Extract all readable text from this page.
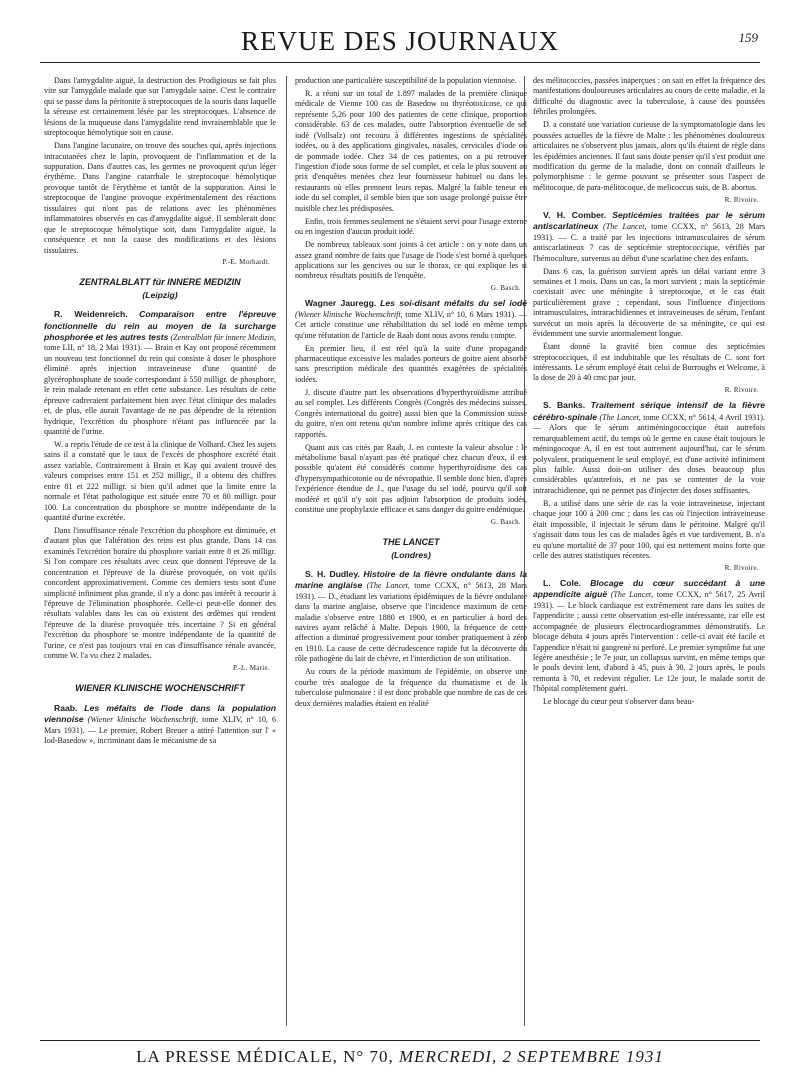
REVUE DES JOURNAUX	159

Dans l'amygdalite aiguë, la destruction des Prodigiosus se fait plus vite sur l'amygdale malade que sur l'amygdale saine. C'est le contraire qui se passe dans la péritonite à streptocoques de la souris dans laquelle la séreuse est certainement lésée par les streptocoques. L'absence de lésions de la muqueuse dans l'amygdalite rend invraisemblable que le streptocoque hémolytique soit en cause.

Dans l'angine lacunaire, on trouve des souches qui, après injections intracutanées chez le lapin, provoquent de l'inflammation et de la suppuration. Dans d'autres cas, les germes ne provoquent qu'un léger érythème. Dans l'angine catarrhale le streptocoque hémolytique provoque tantôt de l'érythème et tantôt de la suppuration. Ainsi le streptocoque de l'angine provoque expérimentalement des réactions tissulaires qui n'ont pas de relations avec les phénomènes inflammatoires observés en cas d'amygdalite aiguë. Il semblerait donc que le streptocoque hémolytique soit, dans l'amygdalite aiguë, la conséquence et non la cause des modifications et des lésions tissulaires.

P.-E. Morhardt.
ZENTRALBLATT für INNERE MEDIZIN
(Leipzig)

R. Weidenreich. Comparaison entre l'épreuve fonctionnelle du rein au moyen de la surcharge phosphorée et les autres tests (Zentralblatt für innere Medizin, tome LII, n° 18, 2 Mai 1931). — Brain et Kay ont proposé récemment un nouveau test fonctionnel du rein qui consiste à doser le phosphore éliminé après injection intraveineuse d'une quantité de glycérophosphate de soude correspondant à 550 milligr. de phosphore, le rein malade retenant en effet cette substance. Les résultats de cette épreuve cadreraient parfaitement bien avec l'état clinique des malades et, de plus, elle aurait l'avantage de ne pas dépendre de la rétention hydrique, l'excrétion du phosphore n'étant pas influencée par la quantité de l'urine.

W. a repris l'étude de ce test à la clinique de Volhard. Chez les sujets sains il a constaté que le taux de l'excès de phosphore excrété était assez variable. Contrairement à Brain et Kay qui avaient trouvé des valeurs comprises entre 151 et 252 milligr., il a obtenu des chiffres entre 81 et 222 milligr. si bien qu'il admet que la limite entre la normale et l'état pathologique est située entre 70 et 80 milligr. pour 100. La concentration du phosphore se montre indépendante de la quantité d'urine excrétée.

Dans l'insuffisance rénale l'excrétion du phosphore est diminuée, et d'autant plus que l'altération des reins est plus grande. Dans 14 cas examinés l'excrétion horaire du phosphore variait entre 8 et 26 milligr. Si l'on compare ces résultats avec ceux que donnent l'épreuve de la concentration et l'épreuve de la diurèse provoquée, on voit qu'ils concordent approximativement. Comme ces derniers tests sont d'une simplicité infiniment plus grande, il n'y a donc pas intérêt à recourir à l'épreuve de l'élimination phosphorée. Celle-ci peut-elle donner des résultats valables dans les cas où existent des œdèmes qui rendent l'épreuve de la diurèse provoquée très incertaine ? Si en général l'excrétion du phosphore se montre indépendante de la quantité de l'urine, ce n'est pas toujours vrai en cas d'insuffisance rénale avancée, comme W. l'a vu chez 2 malades.

P.-L. Marie.
WIENER KLINISCHE WOCHENSCHRIFT

Raab. Les méfaits de l'iode dans la population viennoise (Wiener klinische Wochenschrift, tome XLIV, n° 10, 6 Mars 1931). — Le premier, Robert Breuer a attiré l'attention sur l' « Iod-Basedow », incriminant dans le mécanisme de sa

production une particulière susceptibilité de la population viennoise.

R. a réuni sur un total de 1.897 malades de la première clinique médicale de Vienne 100 cas de Basedow ou thyréotoxicose, ce qui représente 5,26 pour 100 des patientes de cette clinique, proportion considérable. 63 de ces malades, outre l'absorption éventuelle de sel iodé (Vollsalz) ont recouru à différentes ingestions de spécialités iodées, ou à des applications gingivales, nasales, cervicales d'iode ou de pommade iodée. Chez 34 de ces patientes, on a pu retrouver l'ingestion d'iode sous forme de sel complet, et cela le plus souvent au prix d'enquêtes menées chez leur fournisseur habituel ou dans les restaurants où elles prennent leurs repas. Malgré la faible teneur en iode du sel complet, il semble bien que son usage prolongé puisse être nuisible chez les prédisposées.

Enfin, trois femmes seulement ne s'étaient servi pour l'usage externe ou en ingestion d'aucun produit iodé.

De nombreux tableaux sont joints à cet article : on y note dans un assez grand nombre de faits que l'usage de l'iode s'est borné à quelques applications sur les gencives ou sur le thorax, ce qui explique les si nombreux résultats positifs de l'enquête.

G. Basch.

Wagner Jauregg. Les soi-disant méfaits du sel iodé (Wiener klinische Wochenschrift, tome XLIV, n° 10, 6 Mars 1931). — Cet article constitue une réhabilitation du sel iodé en même temps qu'une réfutation de l'article de Raab dont nous avons rendu compte.

En premier lieu, il est réel qu'à la suite d'une propagande pharmaceutique excessive les malades porteurs de goitre aient absorbé sans prescription médicale des quantités exagérées de spécialités iodées.

J. discute d'autre part les observations d'hyperthyroïdisme attribué au sel complet. Les différents Congrès (Congrès des médecins suisses, Congrès international du goitre) aussi bien que la Commission suisse du goitre, n'en ont retenu qu'un nombre infime après critique des cas rapportés.

Quant aux cas cités par Raab, J. en conteste la valeur absolue : le métabolisme basal n'ayant pas été pratiqué chez chacun d'eux, il est possible qu'aient été considérés comme hyperthyroïdisme des cas d'hypersympathicotonie ou de névropathie. Il semble donc bien, d'après l'expérience étendue de J., que l'usage du sel iodé, pourvu qu'il soit modéré et qu'il n'y soit pas adjoint l'absorption de produits iodés, constitue une prophylaxie efficace et sans danger du goitre endémique.

G. Basch.
THE LANCET
(Londres)

S. H. Dudley. Histoire de la fièvre ondulante dans la marine anglaise (The Lancet, tome CCXX, n° 5613, 28 Mars 1931). — D., étudiant les variations épidémiques de la fièvre ondulante dans la marine anglaise, observe que l'incidence maximum de cette maladie s'observe entre 1880 et 1900, et en particulier à bord des navires ayant relâché à Malte. Depuis 1900, la fréquence de cette affection a diminué progressivement pour tomber pratiquement à zéro en 1910. La cause de cette décrudescence rapide fut la découverte du rôle pathogène du lait de chèvre, et l'interdiction de son utilisation.

Au cours de la période maximum de l'épidémie, on observe une courbe très analogue de la fréquence du rhumatisme et de la tuberculose pulmonaire : il est donc probable que nombre de cas de ces deux dernières maladies étaient en réalité

des mélitococcies, passées inaperçues : on sait en effet la fréquence des manifestations douloureuses articulaires au cours de cette maladie, et la difficulté du diagnostic avec la tuberculose, à cause des poussées fébriles prolongées.

D. a constaté une variation curieuse de la symptomatologie dans les poussées actuelles de la fièvre de Malte : les phénomènes douloureux articulaires ne s'observent plus jamais, alors qu'ils étaient de règle dans les épidémies anciennes. Il faut sans doute penser qu'il s'est produit une modification du germe de la maladie, dont on connaît d'ailleurs le polymorphisme : le germe pouvant se présenter sous l'aspect de mélitocoque, de para-mélitocoque, de melicoccus suis, de B. abortus.

R. Rivoire.

V. H. Comber. Septicémies traitées par le sérum antiscarlatineux (The Lancet, tome CCXX, n° 5613, 28 Mars 1931). — C. a traité par les injections intramusculaires de sérum antiscarlatineux 7 cas de septicémie streptococcique, vérifiés par l'hémoculture, survenus au début d'une scarlatine chez des enfants.

Dans 6 cas, la guérison survient après un délai variant entre 3 semaines et 1 mois. Dans un cas, la mort survient ; mais la septicémie coexistait avec une méningite à streptocoque, et le cas était particulièrement grave ; cependant, sous l'influence d'injections intramusculaires, intrarachidiennes et intraveineuses de sérum, l'enfant survécut un mois après la découverte de sa méningite, ce qui est évidemment une survie anormalement longue.

Étant donné la gravité bien connue des septicémies streptococciques, il est indubitable que les résultats de C. sont fort intéressants. Le sérum employé était celui de Burroughs et Welcome, à la dose de 20 à 40 cmc par jour.

R. Rivoire.

S. Banks. Traitement sérique intensif de la fièvre cérébro-spinale (The Lancet, tome CCXX, n° 5614, 4 Avril 1931). — Alors que le sérum antiméningococcique était autrefois remarquablement actif, du temps où le germe en cause était toujours le méningocoque A, il en est tout autrement aujourd'hui, car le sérum polyvalent, pratiquement le seul employé, est d'une activité infiniment plus faible. Aussi doit-on utiliser des doses beaucoup plus considérables qu'autrefois, et ne pas se contenter de la voie intrarachidienne, qui ne permet pas d'injecter des doses suffisantes.

B. a utilisé dans une série de cas la voie intraveineuse, injectant chaque jour 100 à 200 cmc ; dans les cas où l'injection intraveineuse était impossible, il injectait le sérum dans le péritoine. Malgré qu'il s'agissait dans tous les cas de malades âgés et vue tardivement, B. n'a eu qu'une mortalité de 37 pour 100, qui est nettement moins forte que celle des autres statistiques récentes.

R. Rivoire.

L. Cole. Blocage du cœur succédant à une appendicite aiguë (The Lancet, tome CCXX, n° 5617, 25 Avril 1931). — Le block cardiaque est extrêmement rare dans les suites de l'appendicite ; aussi cette observation est-elle intéressante, car elle est accompagnée de plusieurs électrocardiogrammes démonstratifs. Le blocage débuta 4 jours après l'intervention : celle-ci avait été facile et l'appendice n'était ni gangrené ni perforé. Le premier symptôme fut une légère anesthésie ; le 7e jour, un collapsus survint, en même temps que le pouls devint lent, d'abord à 45, puis à 30. 2 jours après, le pouls remonta à 70, et redevint régulier. Le 12e jour, le malade sortit de l'hôpital complètement guéri.

Le blocage du cœur peut s'observer dans beau-

LA PRESSE MÉDICALE, N° 70, MERCREDI, 2 SEPTEMBRE 1931
